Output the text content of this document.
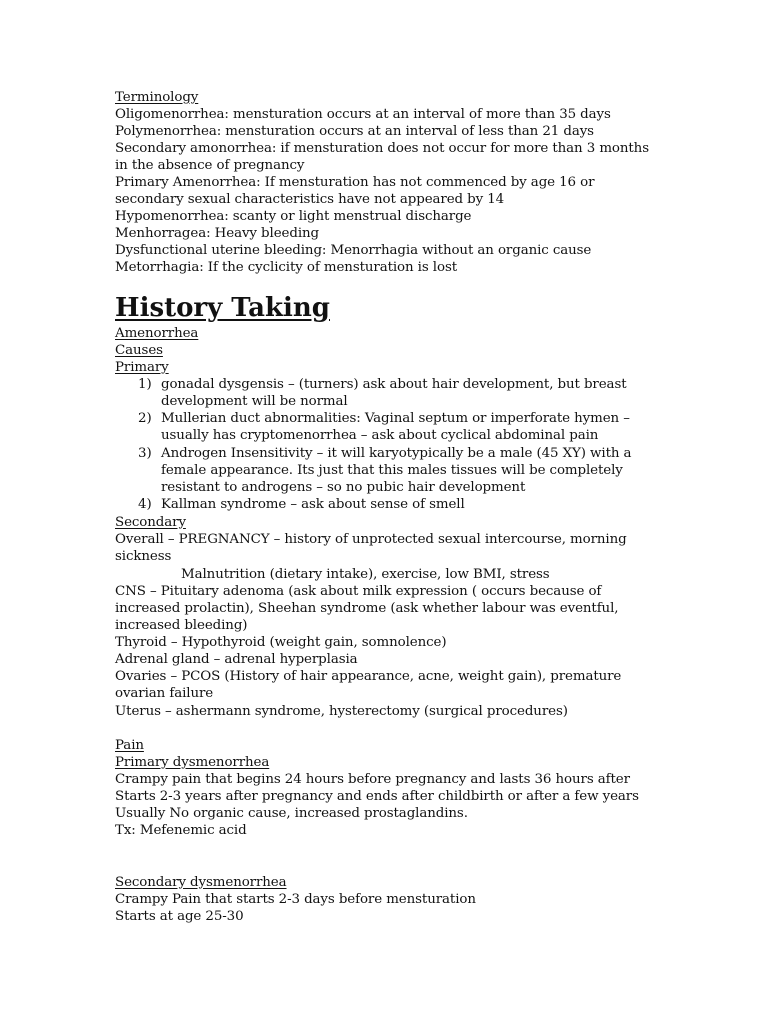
Terminology

Oligomenorrhea: mensturation occurs at an interval of more than 35 days

Polymenorrhea: mensturation occurs at an interval of less than 21 days

Secondary amonorrhea: if mensturation does not occur for more than 3 months

in the absence of pregnancy

Primary Amenorrhea: If mensturation has not commenced by age 16 or

secondary sexual characteristics have not appeared by 14

Hypomenorrhea: scanty or light menstrual discharge

Menhorragea: Heavy bleeding

Dysfunctional uterine bleeding: Menorrhagia without an organic cause

Metorrhagia: If the cyclicity of mensturation is lost

History Taking

Amenorrhea

Causes

Primary

1) gonadal dysgensis – (turners) ask about hair development, but breast

development will be normal

2) Mullerian duct abnormalities: Vaginal septum or imperforate hymen –

usually has cryptomenorrhea – ask about cyclical abdominal pain

3) Androgen Insensitivity – it will karyotypically be a male (45 XY) with a

female appearance. Its just that this males tissues will be completely

resistant to androgens – so no pubic hair development

4) Kallman syndrome – ask about sense of smell

Secondary

Overall – PREGNANCY – history of unprotected sexual intercourse, morning

sickness

Malnutrition (dietary intake), exercise, low BMI, stress

CNS – Pituitary adenoma (ask about milk expression ( occurs because of

increased prolactin), Sheehan syndrome (ask whether labour was eventful,

increased bleeding)

Thyroid – Hypothyroid (weight gain, somnolence)

Adrenal gland – adrenal hyperplasia

Ovaries – PCOS (History of hair appearance, acne, weight gain), premature

ovarian failure

Uterus – ashermann syndrome, hysterectomy (surgical procedures)

Pain

Primary dysmenorrhea

Crampy pain that begins 24 hours before pregnancy and lasts 36 hours after

Starts 2-3 years after pregnancy and ends after childbirth or after a few years

Usually No organic cause, increased prostaglandins.

Tx: Mefenemic acid

Secondary dysmenorrhea

Crampy Pain that starts 2-3 days before mensturation

Starts at age 25-30
